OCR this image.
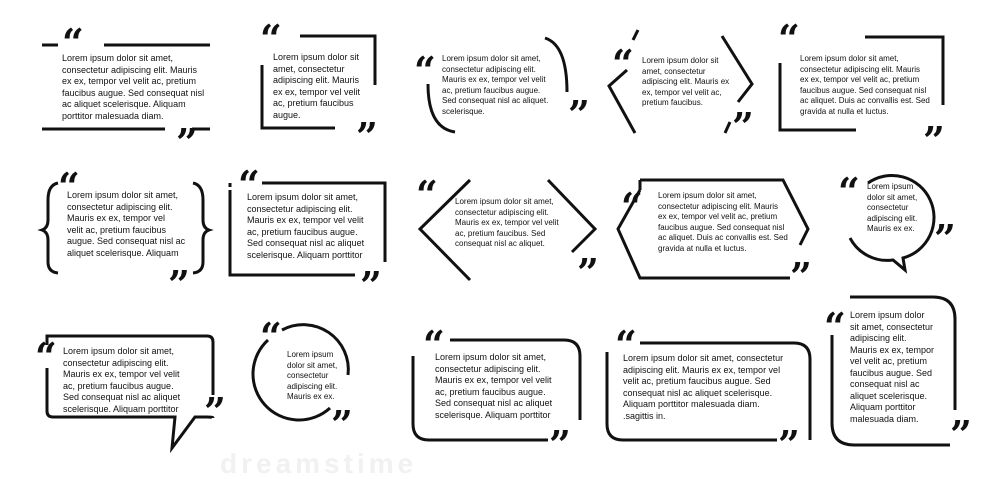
dreamstime
“
”
“
”
“
”
“
”
“
”
“
”
“
”
“
”
“
”
“
”
“
”
“
”
“
”
“
”
“
”
Lorem ipsum dolor sit amet,
consectetur adipiscing elit. Mauris
ex ex, tempor vel velit ac, pretium
faucibus augue. Sed consequat nisl
ac aliquet scelerisque. Aliquam
porttitor malesuada diam.
Lorem ipsum dolor sit
amet, consectetur
adipiscing elit. Mauris
ex ex, tempor vel velit
ac, pretium faucibus
augue.
Lorem ipsum dolor sit amet,
consectetur adipiscing elit.
Mauris ex ex, tempor vel velit
ac, pretium faucibus augue.
Sed consequat nisl ac aliquet.
scelerisque.
Lorem ipsum dolor sit
amet, consectetur
adipiscing elit. Mauris ex
ex, tempor vel velit ac,
pretium faucibus.
Lorem ipsum dolor sit amet,
consectetur adipiscing elit. Mauris
ex ex, tempor vel velit ac, pretium
faucibus augue. Sed consequat nisl
ac aliquet. Duis ac convallis est. Sed
gravida at nulla et luctus.
Lorem ipsum dolor sit amet,
consectetur adipiscing elit.
Mauris ex ex, tempor vel
velit ac, pretium faucibus
augue. Sed consequat nisl ac
aliquet scelerisque. Aliquam
Lorem ipsum dolor sit amet,
consectetur adipiscing elit.
Mauris ex ex, tempor vel velit
ac, pretium faucibus augue.
Sed consequat nisl ac aliquet
scelerisque. Aliquam porttitor
Lorem ipsum dolor sit amet,
consectetur adipiscing elit.
Mauris ex ex, tempor vel velit
ac, pretium faucibus. Sed
consequat nisl ac aliquet.
Lorem ipsum dolor sit amet,
consectetur adipiscing elit. Mauris
ex ex, tempor vel velit ac, pretium
faucibus augue. Sed consequat nisl
ac aliquet. Duis ac convallis est. Sed
gravida at nulla et luctus.
Lorem ipsum
dolor sit amet,
consectetur
adipiscing elit.
Mauris ex ex.
Lorem ipsum dolor sit amet,
consectetur adipiscing elit.
Mauris ex ex, tempor vel velit
ac, pretium faucibus augue.
Sed consequat nisl ac aliquet
scelerisque. Aliquam porttitor
Lorem ipsum
dolor sit amet,
consectetur
adipiscing elit.
Mauris ex ex.
Lorem ipsum dolor sit amet,
consectetur adipiscing elit.
Mauris ex ex, tempor vel velit
ac, pretium faucibus augue.
Sed consequat nisl ac aliquet
scelerisque. Aliquam porttitor
Lorem ipsum dolor sit amet, consectetur
adipiscing elit. Mauris ex ex, tempor vel
velit ac, pretium faucibus augue. Sed
consequat nisl ac aliquet scelerisque.
Aliquam porttitor malesuada diam.
.sagittis in.
Lorem ipsum dolor
sit amet, consectetur
adipiscing elit.
Mauris ex ex, tempor
vel velit ac, pretium
faucibus augue. Sed
consequat nisl ac
aliquet scelerisque.
Aliquam porttitor
malesuada diam.
